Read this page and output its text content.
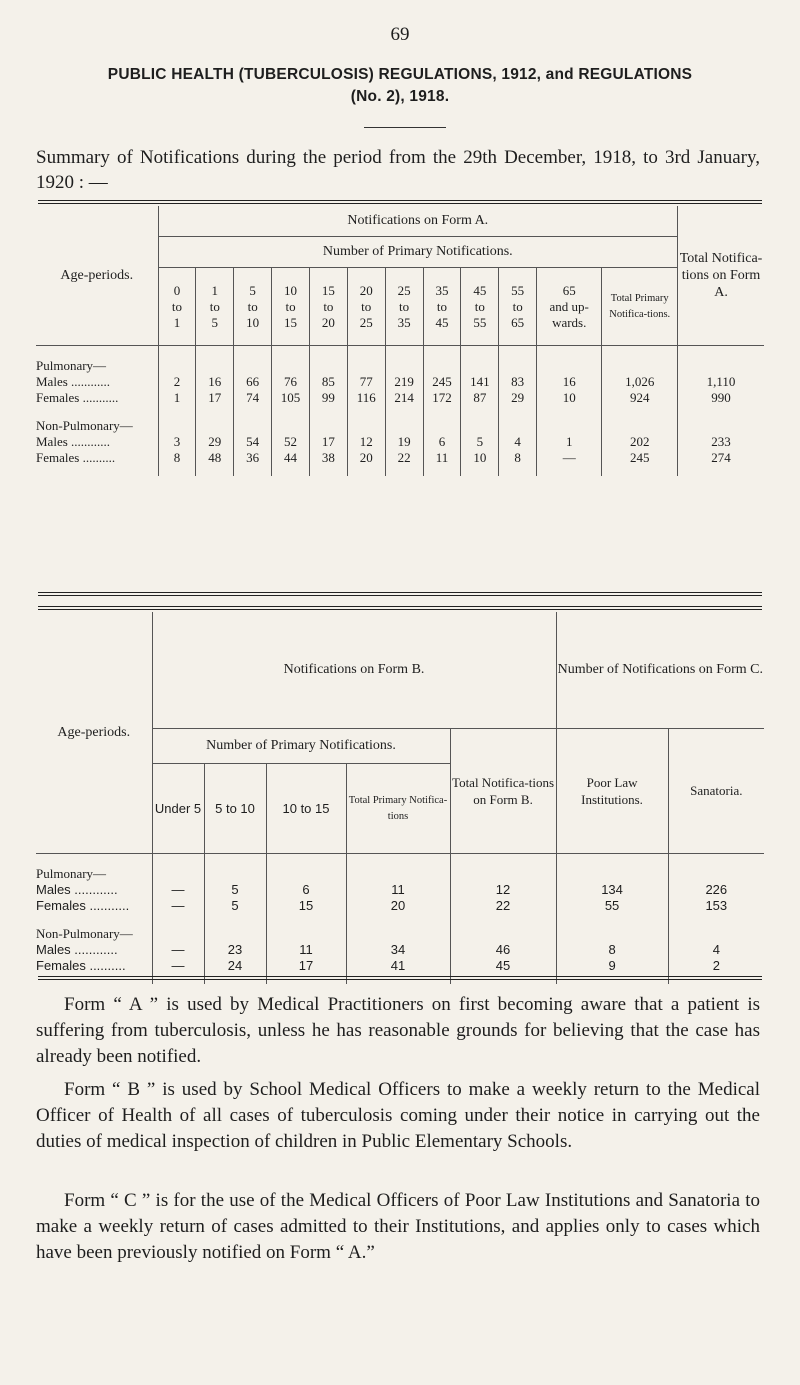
69
PUBLIC HEALTH (TUBERCULOSIS) REGULATIONS, 1912, and REGULATIONS
(No. 2), 1918.
Summary of Notifications during the period from the 29th December, 1918, to 3rd January, 1920 : —
Age-periods.	Notifications on Form A.												Total Notifica-tions on Form A.
	Number of Primary Notifications.												
	0
to
1	1
to
5	5
to
10	10
to
15	15
to
20	20
to
25	25
to
35	35
to
45	45
to
55	55
to
65	65
and up-
wards.	Total Primary Notifica-tions.	

Pulmonary—													
Males ............	2	16	66	76	85	77	219	245	141	83	16	1,026	1,110
Females ...........	1	17	74	105	99	116	214	172	87	29	10	924	990

Non-Pulmonary—													
Males ............	3	29	54	52	17	12	19	6	5	4	1	202	233
Females ..........	8	48	36	44	38	20	22	11	10	8	—	245	274

Age-periods.	Notifications on Form B.					Number of Notifications on Form C.	
	Number of Primary Notifications.				Total Notifica-tions on Form B.	Poor Law Institutions.	Sanatoria.
	Under 5	5 to 10	10 to 15	Total Primary Notifica-tions			

Pulmonary—							
Males ............	—	5	6	11	12	134	226
Females ...........	—	5	15	20	22	55	153

Non-Pulmonary—							
Males ............	—	23	11	34	46	8	4
Females ..........	—	24	17	41	45	9	2

Form “ A ” is used by Medical Practitioners on first becoming aware that a patient is suffering from tuberculosis, unless he has reasonable grounds for believing that the case has already been notified.
Form “ B ” is used by School Medical Officers to make a weekly return to the Medical Officer of Health of all cases of tuberculosis coming under their notice in carrying out the duties of medical inspection of children in Public Elementary Schools.
Form “ C ” is for the use of the Medical Officers of Poor Law Institutions and Sanatoria to make a weekly return of cases admitted to their Institutions, and applies only to cases which have been previously notified on Form “ A.”
